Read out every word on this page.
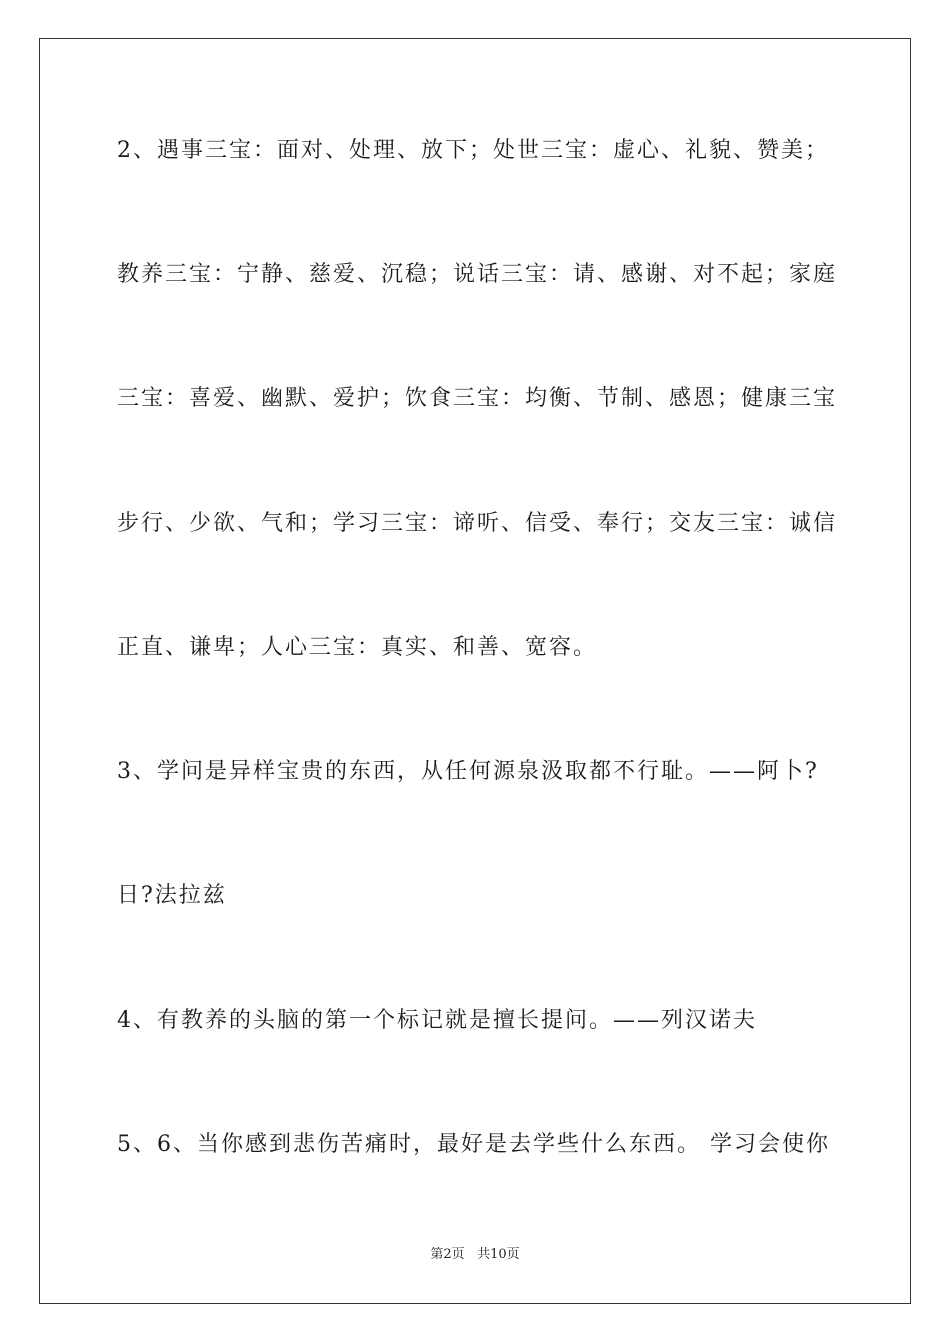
2、遇事三宝：面对、处理、放下；处世三宝：虚心、礼貌、赞美；
教养三宝：宁静、慈爱、沉稳；说话三宝：请、感谢、对不起；家庭
三宝：喜爱、幽默、爱护；饮食三宝：均衡、节制、感恩；健康三宝
步行、少欲、气和；学习三宝：谛听、信受、奉行；交友三宝：诚信
正直、谦卑；人心三宝：真实、和善、宽容。
3、学问是异样宝贵的东西，从任何源泉汲取都不行耻。——阿卜?
日?法拉兹
4、有教养的头脑的第一个标记就是擅长提问。——列汉诺夫
5、6、当你感到悲伤苦痛时，最好是去学些什么东西。 学习会使你
第2页 共10页
